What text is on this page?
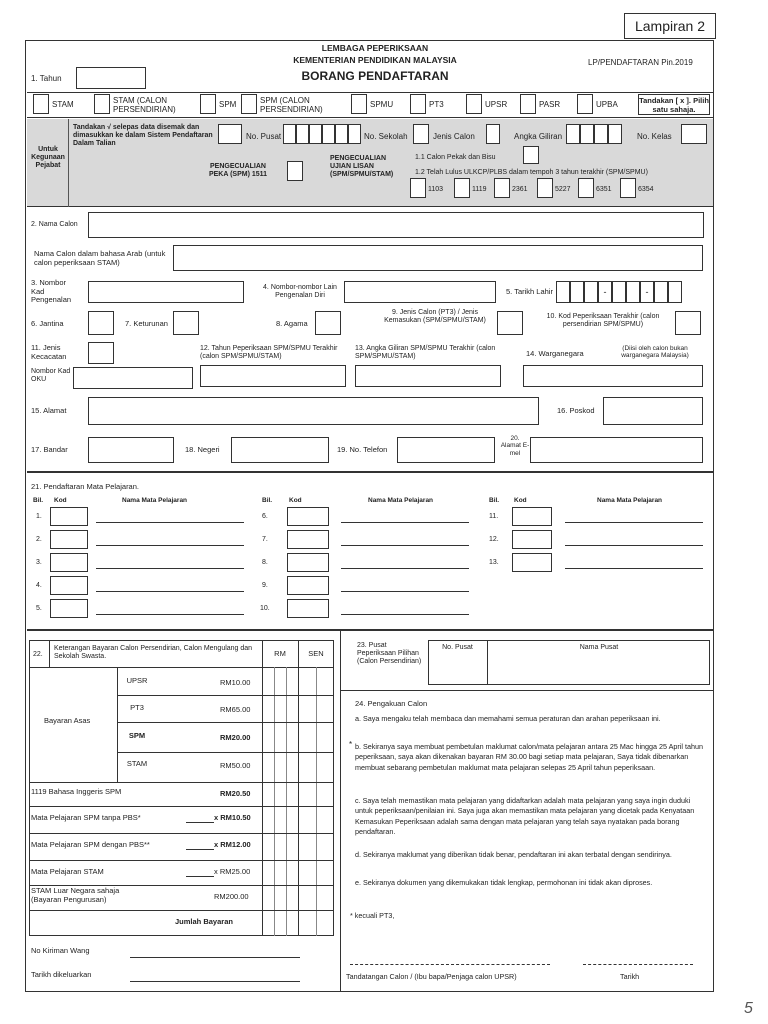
Lampiran 2
LEMBAGA PEPERIKSAAN
KEMENTERIAN PENDIDIKAN MALAYSIA
BORANG PENDAFTARAN
LP/PENDAFTARAN Pin.2019
1. Tahun
STAM	STAM (CALON PERSENDIRIAN)
SPM	SPM (CALON PERSENDIRIAN)
SPMU	PT3	UPSR	PASR	UPBA	Tandakan [ x ]. Pilih satu sahaja.
Untuk Kegunaan Pejabat
Tandakan √ selepas data disemak dan dimasukkan ke dalam Sistem Pendaftaran Dalam Talian
No. Pusat	No. Sekolah	Jenis Calon	Angka Giliran	No. Kelas
PENGECUALIAN PEKA (SPM) 1511
PENGECUALIAN UJIAN LISAN (SPM/SPMU/STAM)
1.1 Calon Pekak dan Bisu
1.2 Telah Lulus ULKCP/PLBS dalam tempoh 3 tahun terakhir (SPM/SPMU)
1103	1119	2361	5227	6351	6354
2. Nama Calon
Nama Calon dalam bahasa Arab (untuk calon peperiksaan STAM)
3. Nombor Kad Pengenalan
4. Nombor-nombor Lain Pengenalan Diri	5. Tarikh Lahir	-	-
6. Jantina	7. Keturunan	8. Agama
9. Jenis Calon (PT3) / Jenis Kemasukan (SPM/SPMU/STAM)
10. Kod Peperiksaan Terakhir (calon persendirian SPM/SPMU)
11. Jenis Kecacatan
Nombor Kad OKU
12. Tahun Peperiksaan SPM/SPMU Terakhir (calon SPM/SPMU/STAM)
13. Angka Giliran SPM/SPMU Terakhir (calon SPM/SPMU/STAM)	14. Warganegara
(Diisi oleh calon bukan warganegara Malaysia)
15. Alamat	16. Poskod
17. Bandar	18. Negeri	19. No. Telefon
20. Alamat E-mel
21. Pendaftaran Mata Pelajaran.
Bil. Kod	Nama Mata Pelajaran	Bil.	Kod	Nama Mata Pelajaran	Bil. Kod	Nama Mata Pelajaran
1.
2.
3.
4.
5.
6.
7.
8.
9.
10.
11.
12.
13.
22.
Keterangan Bayaran Calon Persendirian, Calon Mengulang dan Sekolah Swasta.	RM	SEN
Bayaran Asas
UPSR	RM10.00
PT3	RM65.00
SPM	RM20.00
STAM	RM50.00
1119 Bahasa Inggeris SPM	RM20.50
Mata Pelajaran SPM tanpa PBS*	x RM10.50
Mata Pelajaran SPM dengan PBS**	x RM12.00
Mata Pelajaran STAM	x RM25.00
STAM Luar Negara sahaja (Bayaran Pengurusan)	RM200.00
Jumlah Bayaran
No Kiriman Wang
Tarikh dikeluarkan
23. Pusat Peperiksaan Pilihan (Calon Persendirian)
No. Pusat	Nama Pusat
24. Pengakuan Calon
a. Saya mengaku telah membaca dan memahami semua peraturan dan arahan peperiksaan ini.
* b. Sekiranya saya membuat pembetulan maklumat calon/mata pelajaran antara 25 Mac hingga 25 April tahun peperiksaan, saya akan dikenakan bayaran RM 30.00 bagi setiap mata pelajaran, Saya tidak dibenarkan membuat sebarang pembetulan maklumat mata pelajaran selepas 25 April tahun peperiksaan.
c. Saya telah memastikan mata pelajaran yang didaftarkan adalah mata pelajaran yang saya ingin duduki untuk peperiksaan/penilaian ini. Saya juga akan memastikan mata pelajaran yang dicetak pada Kenyataan Kemasukan Peperiksaan adalah sama dengan mata pelajaran yang telah saya nyatakan pada borang pendaftaran.
d. Sekiranya maklumat yang diberikan tidak benar, pendaftaran ini akan terbatal dengan sendirinya.
e. Sekiranya dokumen yang dikemukakan tidak lengkap, permohonan ini tidak akan diproses.
* kecuali PT3,
Tandatangan Calon / (Ibu bapa/Penjaga calon UPSR)	Tarikh
5
